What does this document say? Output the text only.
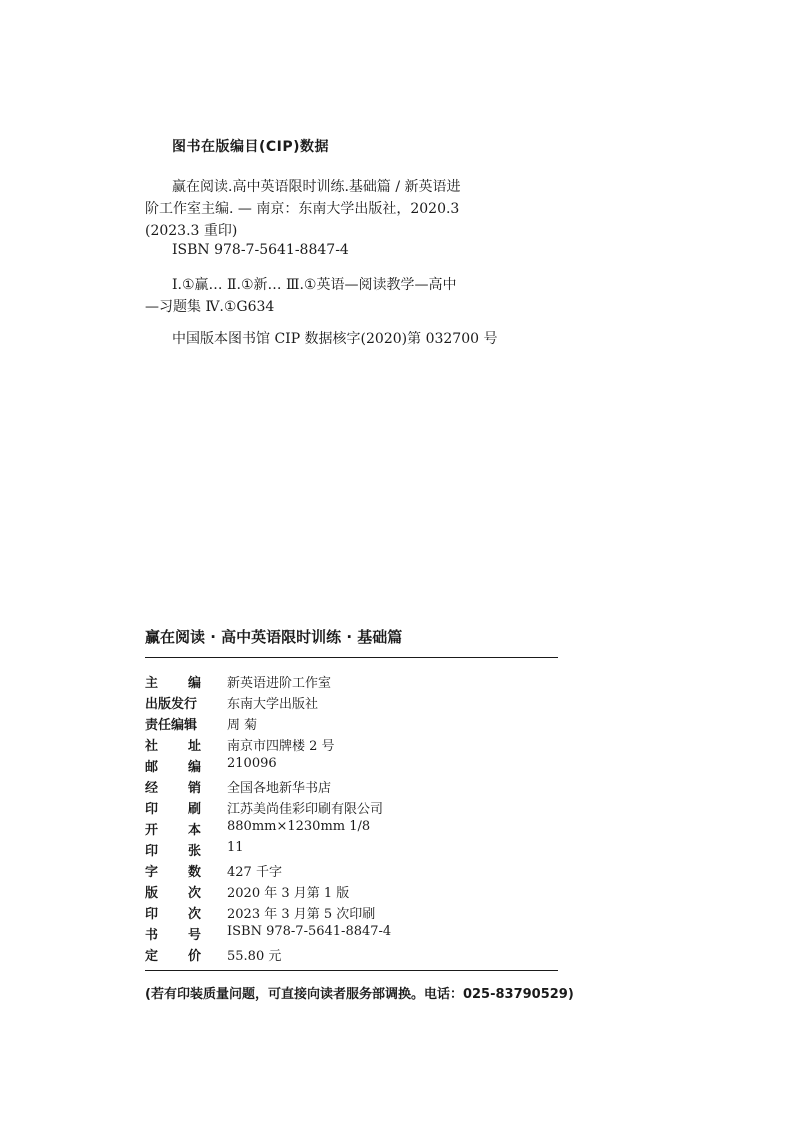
图书在版编目(CIP)数据
赢在阅读.高中英语限时训练.基础篇 / 新英语进
阶工作室主编. — 南京：东南大学出版社，2020.3
(2023.3 重印)
ISBN 978-7-5641-8847-4
Ⅰ.①赢… Ⅱ.①新… Ⅲ.①英语—阅读教学—高中
—习题集 Ⅳ.①G634
中国版本图书馆 CIP 数据核字(2020)第 032700 号
赢在阅读 · 高中英语限时训练 · 基础篇
主 编 新英语进阶工作室
出版发行 东南大学出版社
责任编辑 周 菊
社 址 南京市四牌楼 2 号
邮 编 210096
经 销 全国各地新华书店
印 刷 江苏美尚佳彩印刷有限公司
开 本 880mm×1230mm 1/8
印 张 11
字 数 427 千字
版 次 2020 年 3 月第 1 版
印 次 2023 年 3 月第 5 次印刷
书 号 ISBN 978-7-5641-8847-4
定 价 55.80 元
(若有印装质量问题，可直接向读者服务部调换。电话：025-83790529)
